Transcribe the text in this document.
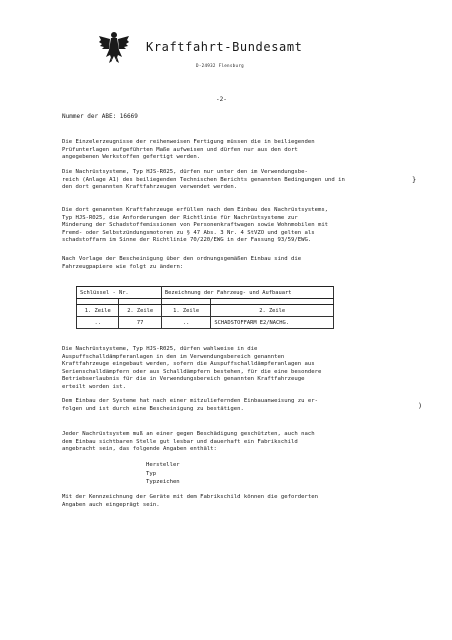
Kraftfahrt-Bundesamt
D-24932 Flensburg
-2-
Nummer der ABE: 16669
Die Einzelerzeugnisse der reihenweisen Fertigung müssen die in beiliegenden
Prüfunterlagen aufgeführten Maße aufweisen und dürfen nur aus den dort
angegebenen Werkstoffen gefertigt werden.
Die Nachrüstsysteme, Typ HJS-R025, dürfen nur unter den im Verwendungsbe-
reich (Anlage A1) des beiliegenden Technischen Berichts genannten Bedingungen und in
den dort genannten Kraftfahrzeugen verwendet werden.
Die dort genannten Kraftfahrzeuge erfüllen nach dem Einbau des Nachrüstsystems,
Typ HJS-R025, die Anforderungen der Richtlinie für Nachrüstsysteme zur
Minderung der Schadstoffemissionen von Personenkraftwagen sowie Wohnmobilen mit
Fremd- oder Selbstzündungsmotoren zu § 47 Abs. 3 Nr. 4 StVZO und gelten als
schadstoffarm im Sinne der Richtlinie 70/220/EWG in der Fassung 93/59/EWG.
Nach Vorlage der Bescheinigung über den ordnungsgemäßen Einbau sind die
Fahrzeugpapiere wie folgt zu ändern:
Schlüssel - Nr.		Bezeichnung der Fahrzeug- und Aufbauart	

1. Zeile	2. Zeile	1. Zeile	2. Zeile
..	77	..	SCHADSTOFFARM E2/NACHG.
Die Nachrüstsysteme, Typ HJS-R025, dürfen wahlweise in die
Auspuffschalldämpferanlagen in den im Verwendungsbereich genannten
Kraftfahrzeuge eingebaut werden, sofern die Auspuffschalldämpferanlagen aus
Serienschalldämpfern oder aus Schalldämpfern bestehen, für die eine besondere
Betriebserlaubnis für die in Verwendungsbereich genannten Kraftfahrzeuge
erteilt worden ist.
Dem Einbau der Systeme hat nach einer mitzuliefernden Einbauanweisung zu er-
folgen und ist durch eine Bescheinigung zu bestätigen.
Jeder Nachrüstsystem muß an einer gegen Beschädigung geschützten, auch nach
dem Einbau sichtbaren Stelle gut lesbar und dauerhaft ein Fabrikschild
angebracht sein, das folgende Angaben enthält:
Hersteller
Typ
Typzeichen
Mit der Kennzeichnung der Geräte mit dem Fabrikschild können die geforderten
Angaben auch eingeprägt sein.
}
)
